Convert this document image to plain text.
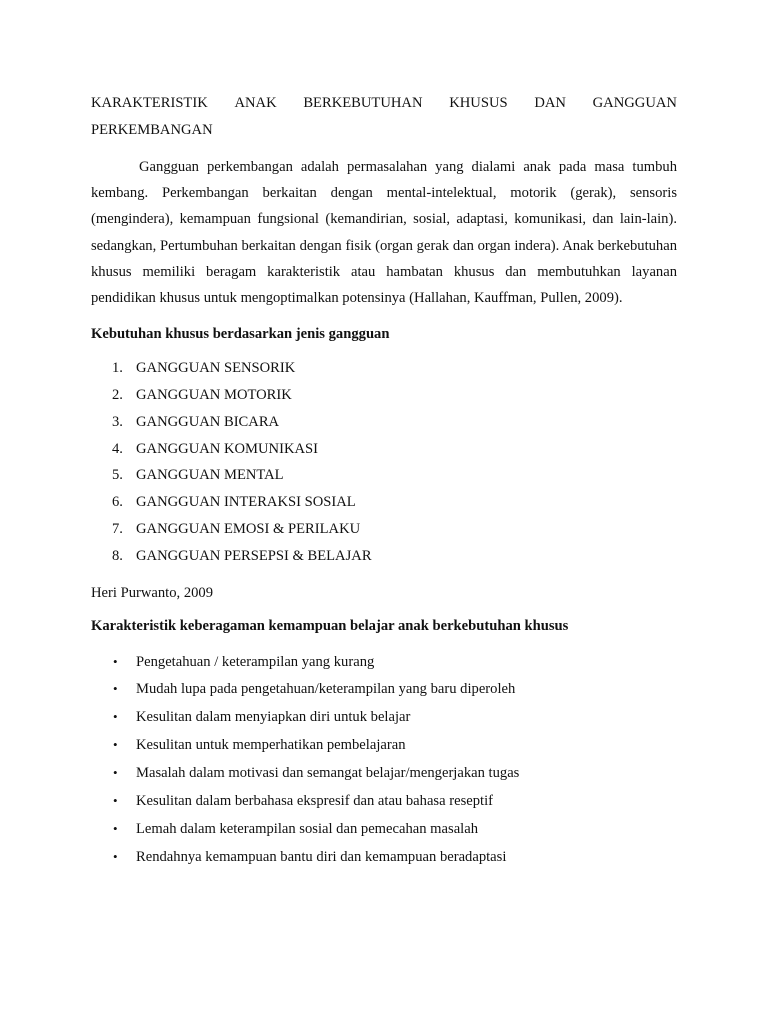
KARAKTERISTIK ANAK BERKEBUTUHAN KHUSUS DAN GANGGUAN
PERKEMBANGAN

Gangguan perkembangan adalah permasalahan yang dialami anak pada masa tumbuh kembang. Perkembangan berkaitan dengan mental-intelektual, motorik (gerak), sensoris (mengindera), kemampuan fungsional (kemandirian, sosial, adaptasi, komunikasi, dan lain-lain). sedangkan, Pertumbuhan berkaitan dengan fisik (organ gerak dan organ indera). Anak berkebutuhan khusus memiliki beragam karakteristik atau hambatan khusus dan membutuhkan layanan pendidikan khusus untuk mengoptimalkan potensinya (Hallahan, Kauffman, Pullen, 2009).

Kebutuhan khusus berdasarkan jenis gangguan

1. GANGGUAN SENSORIK
2. GANGGUAN MOTORIK
3. GANGGUAN BICARA
4. GANGGUAN KOMUNIKASI
5. GANGGUAN MENTAL
6. GANGGUAN INTERAKSI SOSIAL
7. GANGGUAN EMOSI & PERILAKU
8. GANGGUAN PERSEPSI & BELAJAR

Heri Purwanto, 2009

Karakteristik keberagaman kemampuan belajar anak berkebutuhan khusus

•	Pengetahuan / keterampilan yang kurang
•	Mudah lupa pada pengetahuan/keterampilan yang baru diperoleh
•	Kesulitan dalam menyiapkan diri untuk belajar
•	Kesulitan untuk memperhatikan pembelajaran
•	Masalah dalam motivasi dan semangat belajar/mengerjakan tugas
•	Kesulitan dalam berbahasa ekspresif dan atau bahasa reseptif
•	Lemah dalam keterampilan sosial dan pemecahan masalah
•	Rendahnya kemampuan bantu diri dan kemampuan beradaptasi
